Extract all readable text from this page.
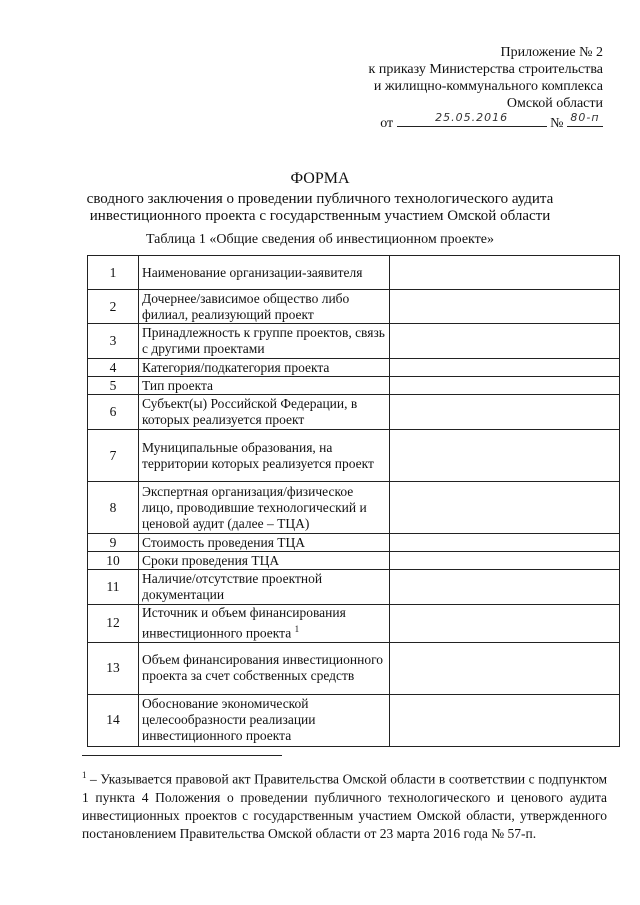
Приложение № 2
к приказу Министерства строительства
и жилищно-коммунального комплекса
Омской области
от	25.05.2016	№ 80-п
ФОРМА
сводного заключения о проведении публичного технологического аудита
инвестиционного проекта с государственным участием Омской области
Таблица 1 «Общие сведения об инвестиционном проекте»
1	Наименование организации-заявителя	
2	Дочернее/зависимое общество либо филиал, реализующий проект	
3	Принадлежность к группе проектов, связь с другими проектами	
4	Категория/подкатегория проекта	
5	Тип проекта	
6	Субъект(ы) Российской Федерации, в которых реализуется проект	
7	Муниципальные образования, на территории которых реализуется проект	
8	Экспертная организация/физическое лицо, проводившие технологический и ценовой аудит (далее – ТЦА)	
9	Стоимость проведения ТЦА	
10	Сроки проведения ТЦА	
11	Наличие/отсутствие проектной документации	
12	Источник и объем финансирования инвестиционного проекта $^1$	
13	Объем финансирования инвестиционного проекта за счет собственных средств	
14	Обоснование экономической целесообразности реализации инвестиционного проекта	
$^1$ – Указывается правовой акт Правительства Омской области в соответствии с подпунктом 1 пункта 4 Положения о проведении публичного технологического и ценового аудита инвестиционных проектов с государственным участием Омской области, утвержденного постановлением Правительства Омской области от 23 марта 2016 года № 57-п.
